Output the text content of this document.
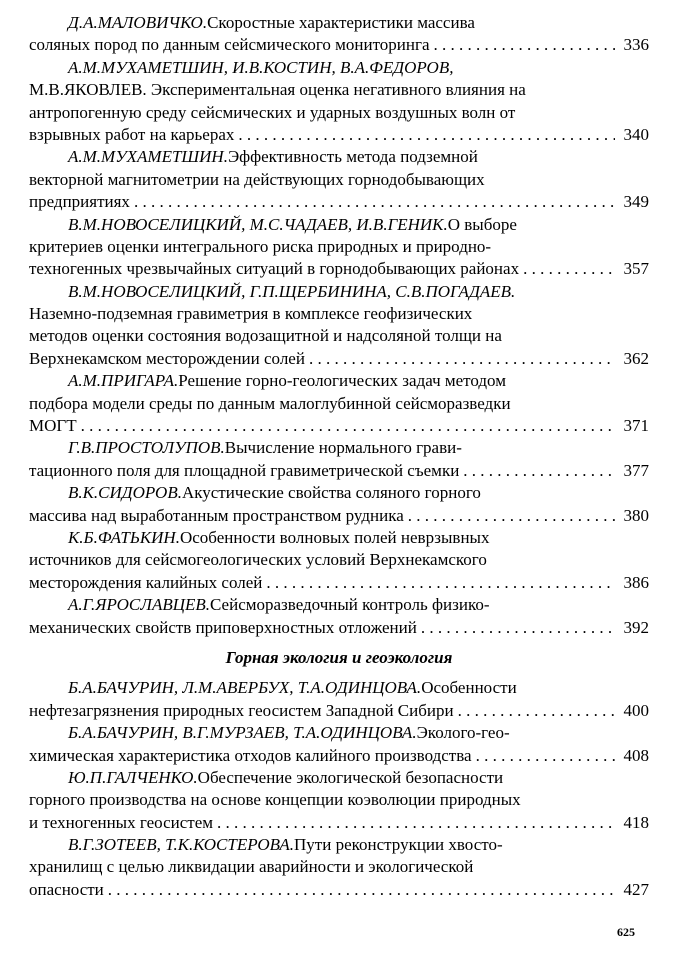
Д.А.МАЛОВИЧКО. Скоростные характеристики массива
соляных пород по данным сейсмического мониторинга . . .	336
А.М.МУХАМЕТШИН, И.В.КОСТИН, В.А.ФЕДОРОВ,
М.В.ЯКОВЛЕВ. Экспериментальная оценка негативного влияния на
антропогенную среду сейсмических и ударных воздушных волн от
взрывных работ на карьерах . . .	340
А.М.МУХАМЕТШИН. Эффективность метода подземной
векторной магнитометрии на действующих горнодобывающих
предприятиях . . .	349
В.М.НОВОСЕЛИЦКИЙ, М.С.ЧАДАЕВ, И.В.ГЕНИК. О выборе
критериев оценки интегрального риска природных и природно-
техногенных чрезвычайных ситуаций в горнодобывающих районах . . .	357
В.М.НОВОСЕЛИЦКИЙ, Г.П.ЩЕРБИНИНА, С.В.ПОГАДАЕВ.
Наземно-подземная гравиметрия в комплексе геофизических
методов оценки состояния водозащитной и надсоляной толщи на
Верхнекамском месторождении солей . . .	362
А.М.ПРИГАРА. Решение горно-геологических задач методом
подбора модели среды по данным малоглубинной сейсморазведки
МОГТ . . .	371
Г.В.ПРОСТОЛУПОВ. Вычисление нормального грави-
тационного поля для площадной гравиметрической съемки . . .	377
В.К.СИДОРОВ. Акустические свойства соляного горного
массива над выработанным пространством рудника . . .	380
К.Б.ФАТЬКИН. Особенности волновых полей неврзывных
источников для сейсмогеологических условий Верхнекамского
месторождения калийных солей . . .	386
А.Г.ЯРОСЛАВЦЕВ. Сейсморазведочный контроль физико-
механических свойств приповерхностных отложений . . .	392
Горная экология и геоэкология
Б.А.БАЧУРИН, Л.М.АВЕРБУХ, Т.А.ОДИНЦОВА. Особенности
нефтезагрязнения природных геосистем Западной Сибири . . .	400
Б.А.БАЧУРИН, В.Г.МУРЗАЕВ, Т.А.ОДИНЦОВА. Эколого-гео-
химическая характеристика отходов калийного производства . . .	408
Ю.П.ГАЛЧЕНКО. Обеспечение экологической безопасности
горного производства на основе концепции коэволюции природных
и техногенных геосистем . . .	418
В.Г.ЗОТЕЕВ, Т.К.КОСТЕРОВА. Пути реконструкции хвосто-
хранилищ с целью ликвидации аварийности и экологической
опасности . . .	427
625
